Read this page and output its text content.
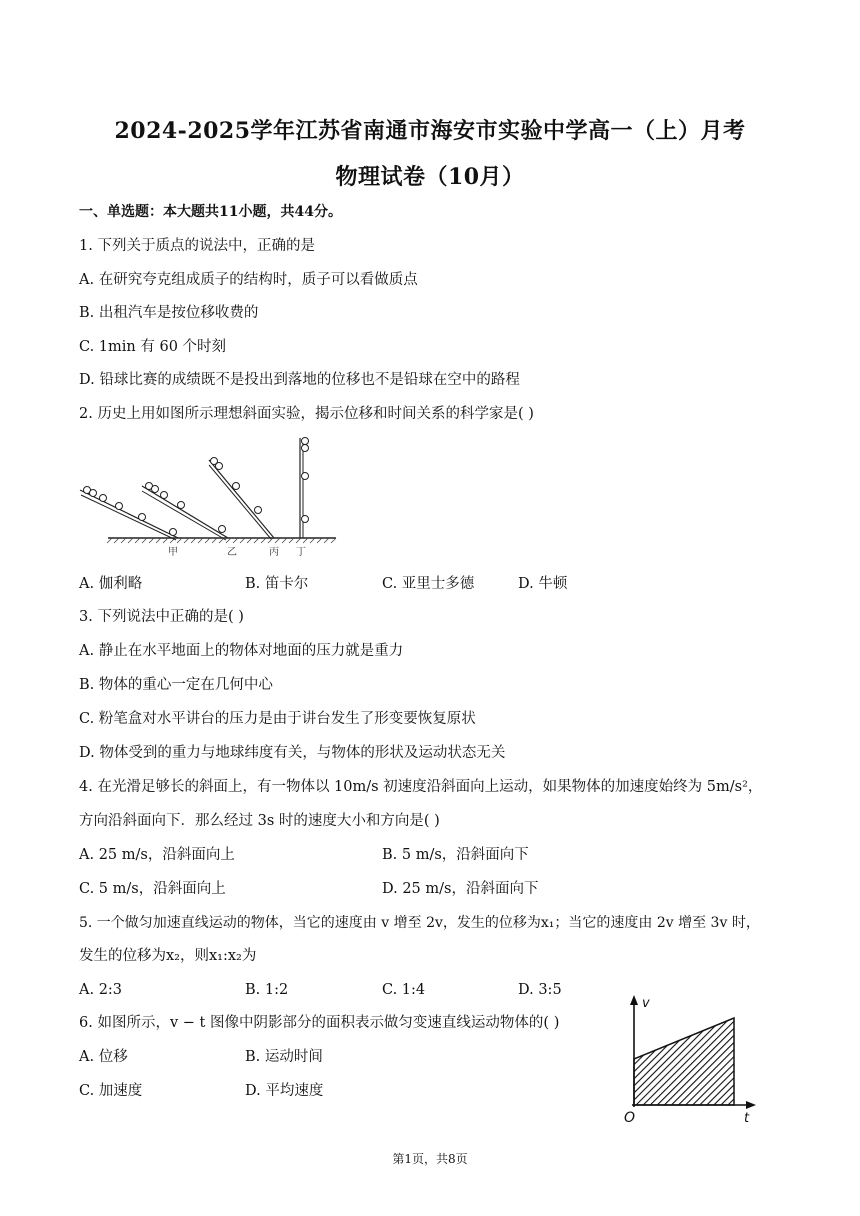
2024-2025学年江苏省南通市海安市实验中学高一（上）月考
物理试卷（10月）
一、单选题：本大题共11小题，共44分。
1. 下列关于质点的说法中，正确的是
A. 在研究夸克组成质子的结构时，质子可以看做质点
B. 出租汽车是按位移收费的
C. 1min 有 60 个时刻
D. 铅球比赛的成绩既不是投出到落地的位移也不是铅球在空中的路程
2. 历史上用如图所示理想斜面实验，揭示位移和时间关系的科学家是( )
甲	乙	丙 丁
A. 伽利略	B. 笛卡尔	C. 亚里士多德	D. 牛顿
3. 下列说法中正确的是( )
A. 静止在水平地面上的物体对地面的压力就是重力
B. 物体的重心一定在几何中心
C. 粉笔盒对水平讲台的压力是由于讲台发生了形变要恢复原状
D. 物体受到的重力与地球纬度有关，与物体的形状及运动状态无关
4. 在光滑足够长的斜面上，有一物体以 10m/s 初速度沿斜面向上运动，如果物体的加速度始终为 5m/s²，
方向沿斜面向下．那么经过 3s 时的速度大小和方向是( )
A. 25 m/s，沿斜面向上	B. 5 m/s，沿斜面向下
C. 5 m/s，沿斜面向上	D. 25 m/s，沿斜面向下
5. 一个做匀加速直线运动的物体，当它的速度由 v 增至 2v，发生的位移为x₁；当它的速度由 2v 增至 3v 时，
发生的位移为x₂，则x₁:x₂为
A. 2:3	B. 1:2	C. 1:4	D. 3:5
6. 如图所示，v − t 图像中阴影部分的面积表示做匀变速直线运动物体的( )
A. 位移	B. 运动时间
C. 加速度	D. 平均速度
v
t
O
第1页，共8页
